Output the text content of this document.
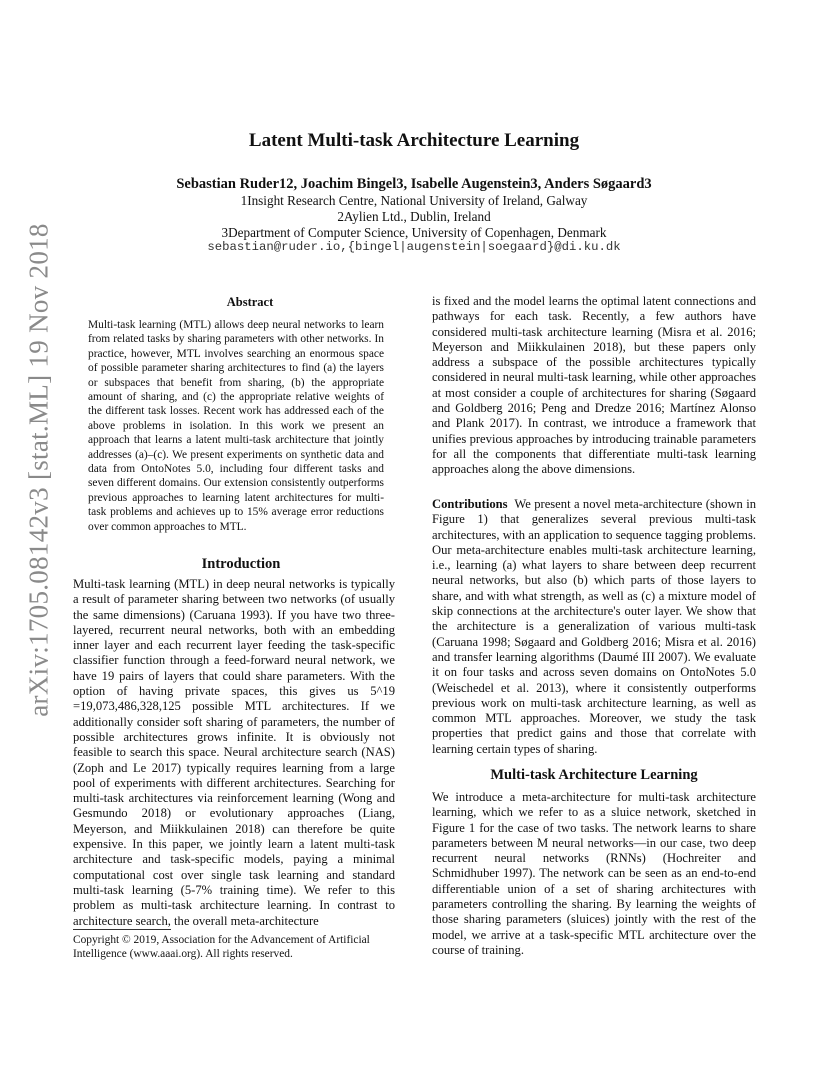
arXiv:1705.08142v3 [stat.ML] 19 Nov 2018
Latent Multi-task Architecture Learning
Sebastian Ruder12, Joachim Bingel3, Isabelle Augenstein3, Anders Søgaard3
1Insight Research Centre, National University of Ireland, Galway
2Aylien Ltd., Dublin, Ireland
3Department of Computer Science, University of Copenhagen, Denmark
sebastian@ruder.io,{bingel|augenstein|soegaard}@di.ku.dk
Abstract
Multi-task learning (MTL) allows deep neural networks to learn from related tasks by sharing parameters with other networks. In practice, however, MTL involves searching an enormous space of possible parameter sharing architectures to find (a) the layers or subspaces that benefit from sharing, (b) the appropriate amount of sharing, and (c) the appropriate relative weights of the different task losses. Recent work has addressed each of the above problems in isolation. In this work we present an approach that learns a latent multi-task architecture that jointly addresses (a)–(c). We present experiments on synthetic data and data from OntoNotes 5.0, including four different tasks and seven different domains. Our extension consistently outperforms previous approaches to learning latent architectures for multi-task problems and achieves up to 15% average error reductions over common approaches to MTL.
Introduction
Multi-task learning (MTL) in deep neural networks is typically a result of parameter sharing between two networks (of usually the same dimensions) (Caruana 1993). If you have two three-layered, recurrent neural networks, both with an embedding inner layer and each recurrent layer feeding the task-specific classifier function through a feed-forward neural network, we have 19 pairs of layers that could share parameters. With the option of having private spaces, this gives us 5^19 =19,073,486,328,125 possible MTL architectures. If we additionally consider soft sharing of parameters, the number of possible architectures grows infinite. It is obviously not feasible to search this space. Neural architecture search (NAS) (Zoph and Le 2017) typically requires learning from a large pool of experiments with different architectures. Searching for multi-task architectures via reinforcement learning (Wong and Gesmundo 2018) or evolutionary approaches (Liang, Meyerson, and Miikkulainen 2018) can therefore be quite expensive. In this paper, we jointly learn a latent multi-task architecture and task-specific models, paying a minimal computational cost over single task learning and standard multi-task learning (5-7% training time). We refer to this problem as multi-task architecture learning. In contrast to architecture search, the overall meta-architecture
Copyright © 2019, Association for the Advancement of Artificial Intelligence (www.aaai.org). All rights reserved.
is fixed and the model learns the optimal latent connections and pathways for each task. Recently, a few authors have considered multi-task architecture learning (Misra et al. 2016; Meyerson and Miikkulainen 2018), but these papers only address a subspace of the possible architectures typically considered in neural multi-task learning, while other approaches at most consider a couple of architectures for sharing (Søgaard and Goldberg 2016; Peng and Dredze 2016; Martínez Alonso and Plank 2017). In contrast, we introduce a framework that unifies previous approaches by introducing trainable parameters for all the components that differentiate multi-task learning approaches along the above dimensions.

Contributions We present a novel meta-architecture (shown in Figure 1) that generalizes several previous multi-task architectures, with an application to sequence tagging problems. Our meta-architecture enables multi-task architecture learning, i.e., learning (a) what layers to share between deep recurrent neural networks, but also (b) which parts of those layers to share, and with what strength, as well as (c) a mixture model of skip connections at the architecture's outer layer. We show that the architecture is a generalization of various multi-task (Caruana 1998; Søgaard and Goldberg 2016; Misra et al. 2016) and transfer learning algorithms (Daumé III 2007). We evaluate it on four tasks and across seven domains on OntoNotes 5.0 (Weischedel et al. 2013), where it consistently outperforms previous work on multi-task architecture learning, as well as common MTL approaches. Moreover, we study the task properties that predict gains and those that correlate with learning certain types of sharing.

Multi-task Architecture Learning
We introduce a meta-architecture for multi-task architecture learning, which we refer to as a sluice network, sketched in Figure 1 for the case of two tasks. The network learns to share parameters between M neural networks—in our case, two deep recurrent neural networks (RNNs) (Hochreiter and Schmidhuber 1997). The network can be seen as an end-to-end differentiable union of a set of sharing architectures with parameters controlling the sharing. By learning the weights of those sharing parameters (sluices) jointly with the rest of the model, we arrive at a task-specific MTL architecture over the course of training.
